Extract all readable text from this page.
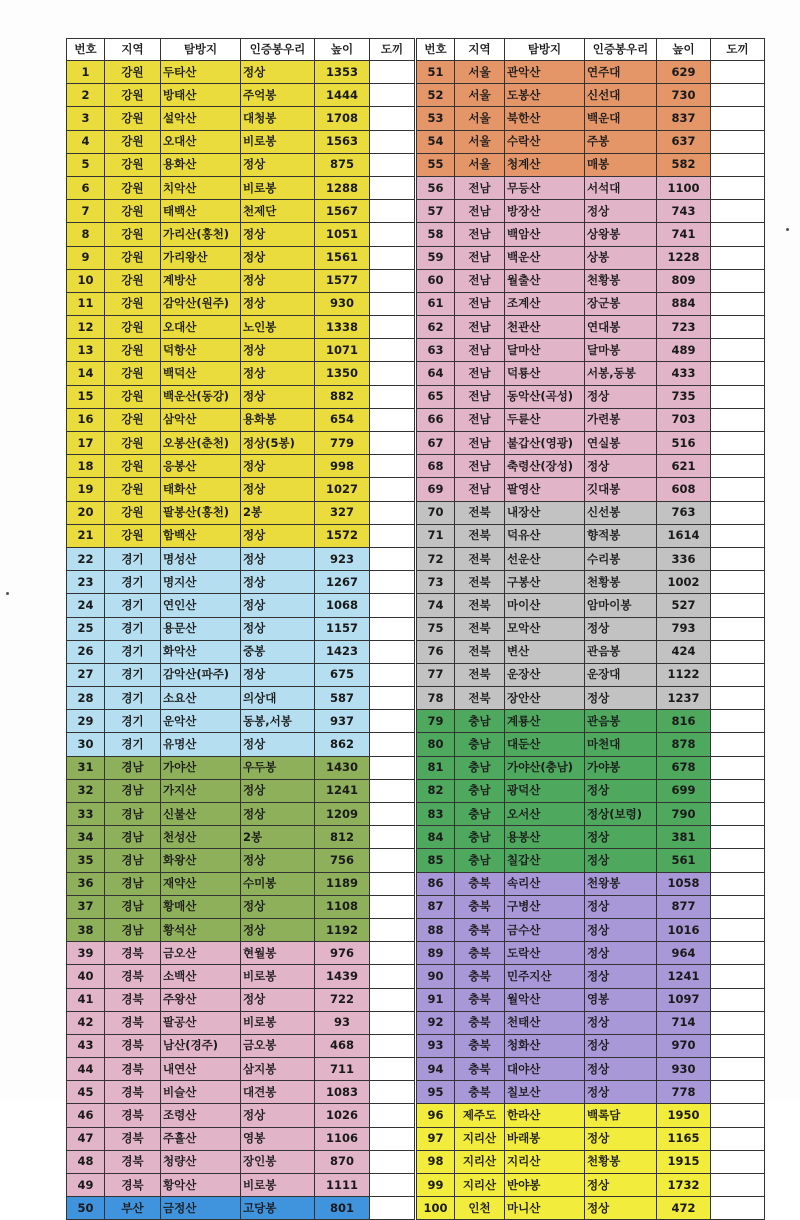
번호	지역	탐방지	인증봉우리	높이	도끼
1	강원	두타산	정상	1353	
2	강원	방태산	주억봉	1444	
3	강원	설악산	대청봉	1708	
4	강원	오대산	비로봉	1563	
5	강원	용화산	정상	875	
6	강원	치악산	비로봉	1288	
7	강원	태백산	천제단	1567	
8	강원	가리산(홍천)	정상	1051	
9	강원	가리왕산	정상	1561	
10	강원	계방산	정상	1577	
11	강원	감악산(원주)	정상	930	
12	강원	오대산	노인봉	1338	
13	강원	덕항산	정상	1071	
14	강원	백덕산	정상	1350	
15	강원	백운산(동강)	정상	882	
16	강원	삼악산	용화봉	654	
17	강원	오봉산(춘천)	정상(5봉)	779	
18	강원	응봉산	정상	998	
19	강원	태화산	정상	1027	
20	강원	팔봉산(홍천)	2봉	327	
21	강원	함백산	정상	1572	
22	경기	명성산	정상	923	
23	경기	명지산	정상	1267	
24	경기	연인산	정상	1068	
25	경기	용문산	정상	1157	
26	경기	화악산	중봉	1423	
27	경기	감악산(파주)	정상	675	
28	경기	소요산	의상대	587	
29	경기	운악산	동봉,서봉	937	
30	경기	유명산	정상	862	
31	경남	가야산	우두봉	1430	
32	경남	가지산	정상	1241	
33	경남	신불산	정상	1209	
34	경남	천성산	2봉	812	
35	경남	화왕산	정상	756	
36	경남	재약산	수미봉	1189	
37	경남	황매산	정상	1108	
38	경남	황석산	정상	1192	
39	경북	금오산	현월봉	976	
40	경북	소백산	비로봉	1439	
41	경북	주왕산	정상	722	
42	경북	팔공산	비로봉	93	
43	경북	남산(경주)	금오봉	468	
44	경북	내연산	삼지봉	711	
45	경북	비슬산	대견봉	1083	
46	경북	조령산	정상	1026	
47	경북	주흘산	영봉	1106	
48	경북	청량산	장인봉	870	
49	경북	황악산	비로봉	1111	
50	부산	금정산	고당봉	801	
번호	지역	탐방지	인증봉우리	높이	도끼
51	서울	관악산	연주대	629	
52	서울	도봉산	신선대	730	
53	서울	북한산	백운대	837	
54	서울	수락산	주봉	637	
55	서울	청계산	매봉	582	
56	전남	무등산	서석대	1100	
57	전남	방장산	정상	743	
58	전남	백암산	상왕봉	741	
59	전남	백운산	상봉	1228	
60	전남	월출산	천황봉	809	
61	전남	조계산	장군봉	884	
62	전남	천관산	연대봉	723	
63	전남	달마산	달마봉	489	
64	전남	덕룡산	서봉,동봉	433	
65	전남	동악산(곡성)	정상	735	
66	전남	두륜산	가련봉	703	
67	전남	불갑산(영광)	연실봉	516	
68	전남	축령산(장성)	정상	621	
69	전남	팔영산	깃대봉	608	
70	전북	내장산	신선봉	763	
71	전북	덕유산	향적봉	1614	
72	전북	선운산	수리봉	336	
73	전북	구봉산	천황봉	1002	
74	전북	마이산	암마이봉	527	
75	전북	모악산	정상	793	
76	전북	변산	관음봉	424	
77	전북	운장산	운장대	1122	
78	전북	장안산	정상	1237	
79	충남	계룡산	관음봉	816	
80	충남	대둔산	마천대	878	
81	충남	가야산(충남)	가야봉	678	
82	충남	광덕산	정상	699	
83	충남	오서산	정상(보령)	790	
84	충남	용봉산	정상	381	
85	충남	칠갑산	정상	561	
86	충북	속리산	천왕봉	1058	
87	충북	구병산	정상	877	
88	충북	금수산	정상	1016	
89	충북	도락산	정상	964	
90	충북	민주지산	정상	1241	
91	충북	월악산	영봉	1097	
92	충북	천태산	정상	714	
93	충북	청화산	정상	970	
94	충북	대야산	정상	930	
95	충북	칠보산	정상	778	
96	제주도	한라산	백록담	1950	
97	지리산	바래봉	정상	1165	
98	지리산	지리산	천황봉	1915	
99	지리산	반야봉	정상	1732	
100	인천	마니산	정상	472	
